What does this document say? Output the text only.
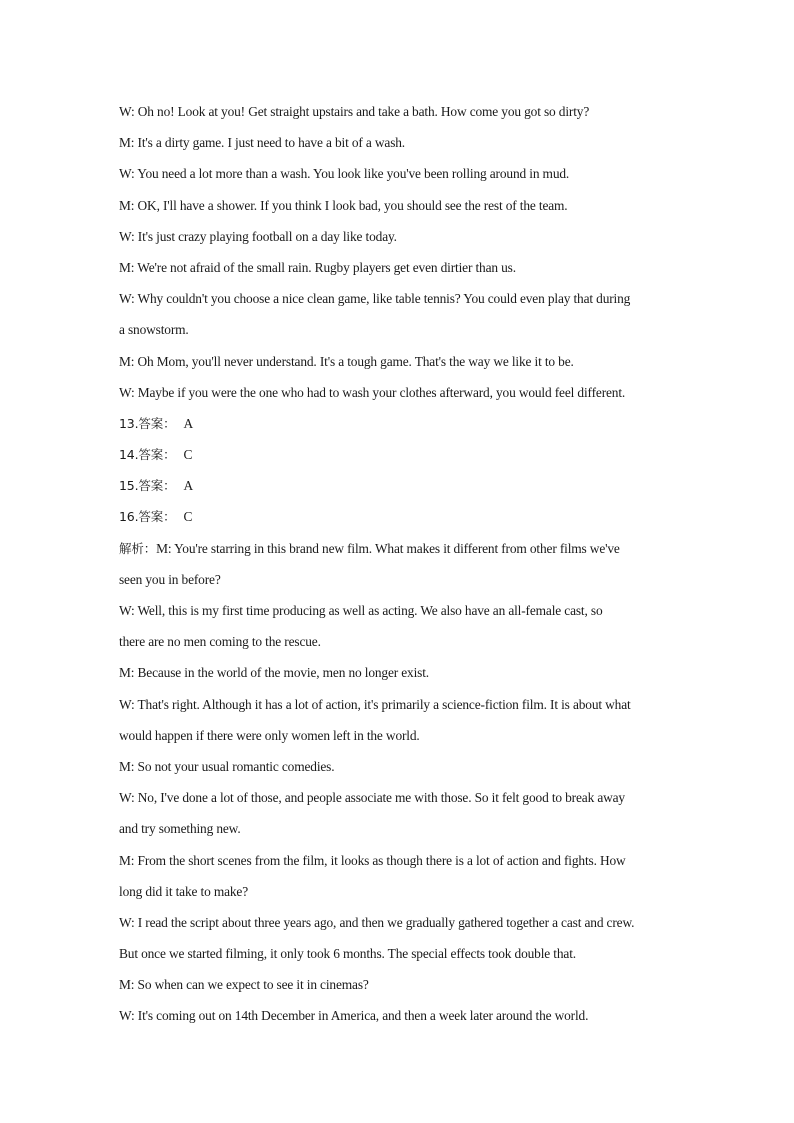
W: Oh no! Look at you! Get straight upstairs and take a bath. How come you got so dirty?
M: It's a dirty game. I just need to have a bit of a wash.
W: You need a lot more than a wash. You look like you've been rolling around in mud.
M: OK, I'll have a shower. If you think I look bad, you should see the rest of the team.
W: It's just crazy playing football on a day like today.
M: We're not afraid of the small rain. Rugby players get even dirtier than us.
W: Why couldn't you choose a nice clean game, like table tennis? You could even play that during
a snowstorm.
M: Oh Mom, you'll never understand. It's a tough game. That's the way we like it to be.
W: Maybe if you were the one who had to wash your clothes afterward, you would feel different.
13.答案： A
14.答案： C
15.答案： A
16.答案： C
解析：M: You're starring in this brand new film. What makes it different from other films we've
seen you in before?
W: Well, this is my first time producing as well as acting. We also have an all-female cast, so
there are no men coming to the rescue.
M: Because in the world of the movie, men no longer exist.
W: That's right. Although it has a lot of action, it's primarily a science-fiction film. It is about what
would happen if there were only women left in the world.
M: So not your usual romantic comedies.
W: No, I've done a lot of those, and people associate me with those. So it felt good to break away
and try something new.
M: From the short scenes from the film, it looks as though there is a lot of action and fights. How
long did it take to make?
W: I read the script about three years ago, and then we gradually gathered together a cast and crew.
But once we started filming, it only took 6 months. The special effects took double that.
M: So when can we expect to see it in cinemas?
W: It's coming out on 14th December in America, and then a week later around the world.
